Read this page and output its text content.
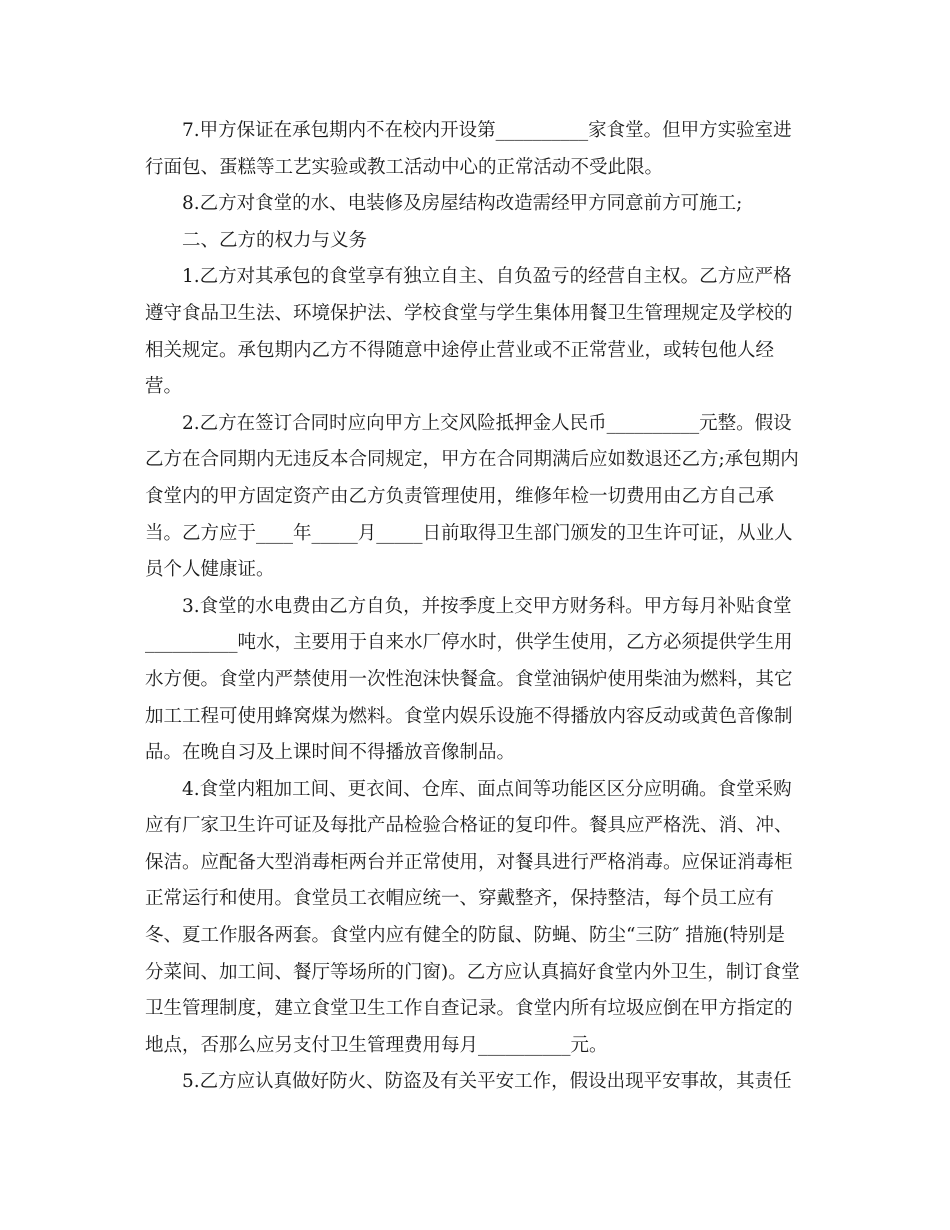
　　7.甲方保证在承包期内不在校内开设第__________家食堂。但甲方实验室进

行面包、蛋糕等工艺实验或教工活动中心的正常活动不受此限。

　　8.乙方对食堂的水、电装修及房屋结构改造需经甲方同意前方可施工;

　　二、乙方的权力与义务

　　1.乙方对其承包的食堂享有独立自主、自负盈亏的经营自主权。乙方应严格

遵守食品卫生法、环境保护法、学校食堂与学生集体用餐卫生管理规定及学校的

相关规定。承包期内乙方不得随意中途停止营业或不正常营业，或转包他人经

营。

　　2.乙方在签订合同时应向甲方上交风险抵押金人民币__________元整。假设

乙方在合同期内无违反本合同规定，甲方在合同期满后应如数退还乙方;承包期内

食堂内的甲方固定资产由乙方负责管理使用，维修年检一切费用由乙方自己承

当。乙方应于____年_____月_____日前取得卫生部门颁发的卫生许可证，从业人

员个人健康证。

　　3.食堂的水电费由乙方自负，并按季度上交甲方财务科。甲方每月补贴食堂

__________吨水，主要用于自来水厂停水时，供学生使用，乙方必须提供学生用

水方便。食堂内严禁使用一次性泡沫快餐盒。食堂油锅炉使用柴油为燃料，其它

加工工程可使用蜂窝煤为燃料。食堂内娱乐设施不得播放内容反动或黄色音像制

品。在晚自习及上课时间不得播放音像制品。

　　4.食堂内粗加工间、更衣间、仓库、面点间等功能区区分应明确。食堂采购

应有厂家卫生许可证及每批产品检验合格证的复印件。餐具应严格洗、消、冲、

保洁。应配备大型消毒柜两台并正常使用，对餐具进行严格消毒。应保证消毒柜

正常运行和使用。食堂员工衣帽应统一、穿戴整齐，保持整洁，每个员工应有

冬、夏工作服各两套。食堂内应有健全的防鼠、防蝇、防尘“三防″ 措施(特别是

分菜间、加工间、餐厅等场所的门窗)。乙方应认真搞好食堂内外卫生，制订食堂

卫生管理制度，建立食堂卫生工作自查记录。食堂内所有垃圾应倒在甲方指定的

地点，否那么应另支付卫生管理费用每月__________元。

　　5.乙方应认真做好防火、防盗及有关平安工作，假设出现平安事故，其责任
